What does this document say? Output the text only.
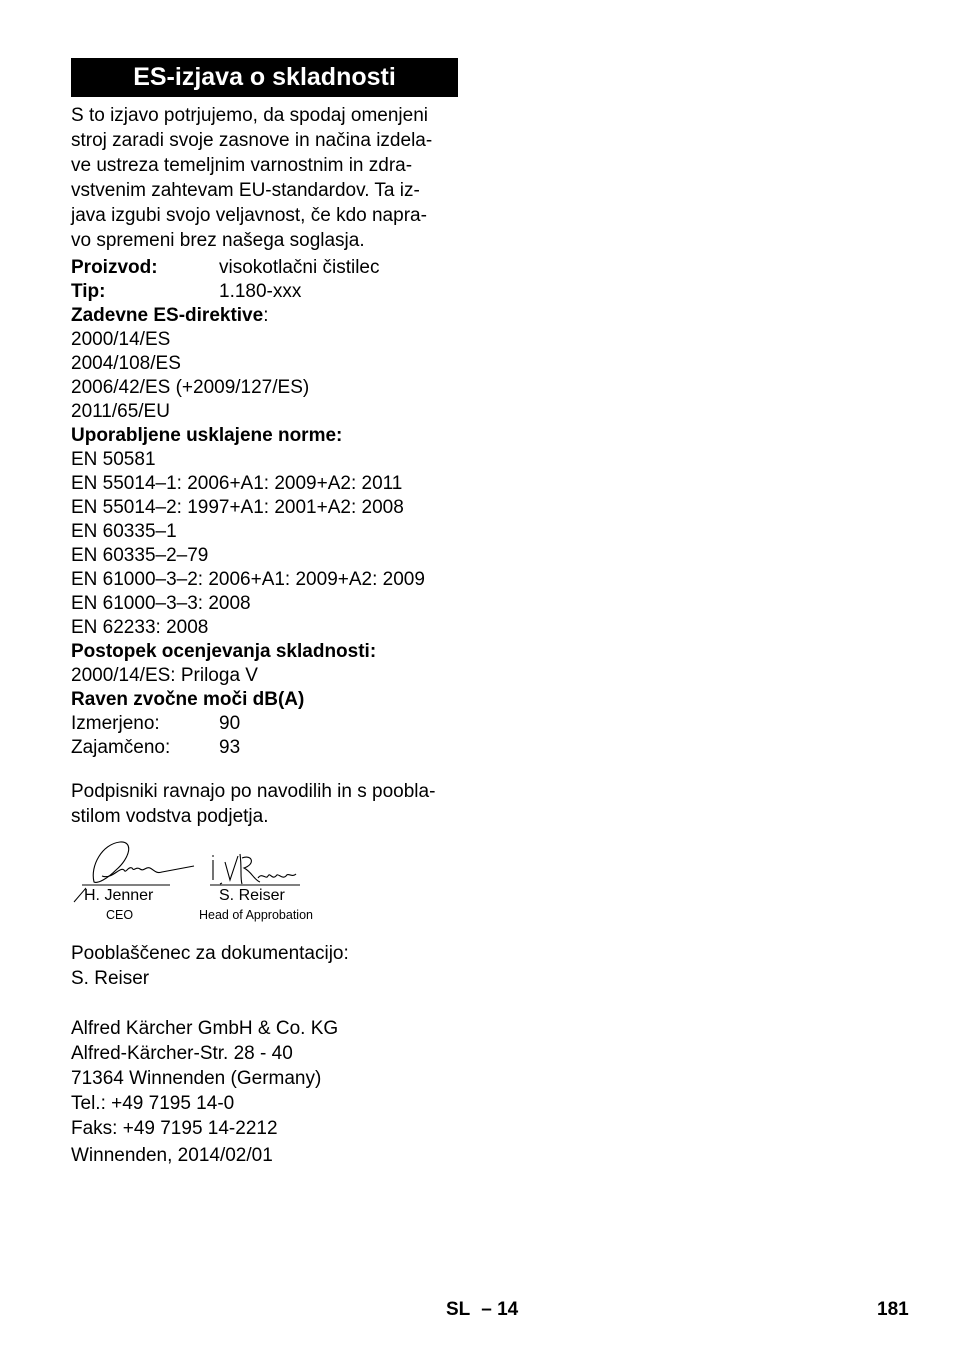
ES-izjava o skladnosti
S to izjavo potrjujemo, da spodaj omenjeni
stroj zaradi svoje zasnove in načina izdela-
ve ustreza temeljnim varnostnim in zdra-
vstvenim zahtevam EU-standardov. Ta iz-
java izgubi svojo veljavnost, če kdo napra-
vo spremeni brez našega soglasja.
Proizvod:	visokotlačni čistilec
Tip:	1.180-xxx
Zadevne ES-direktive:
2000/14/ES
2004/108/ES
2006/42/ES (+2009/127/ES)
2011/65/EU
Uporabljene usklajene norme:
EN 50581
EN 55014–1: 2006+A1: 2009+A2: 2011
EN 55014–2: 1997+A1: 2001+A2: 2008
EN 60335–1
EN 60335–2–79
EN 61000–3–2: 2006+A1: 2009+A2: 2009
EN 61000–3–3: 2008
EN 62233: 2008
Postopek ocenjevanja skladnosti:
2000/14/ES: Priloga V
Raven zvočne moči dB(A)
Izmerjeno:	90
Zajamčeno:	93
Podpisniki ravnajo po navodilih in s poobla-
stilom vodstva podjetja.
H. Jenner
CEO
S. Reiser
Head of Approbation
Pooblaščenec za dokumentacijo:
S. Reiser
Alfred Kärcher GmbH & Co. KG
Alfred-Kärcher-Str. 28 - 40
71364 Winnenden (Germany)
Tel.: +49 7195 14-0
Faks: +49 7195 14-2212
Winnenden, 2014/02/01
SL – 14	181
